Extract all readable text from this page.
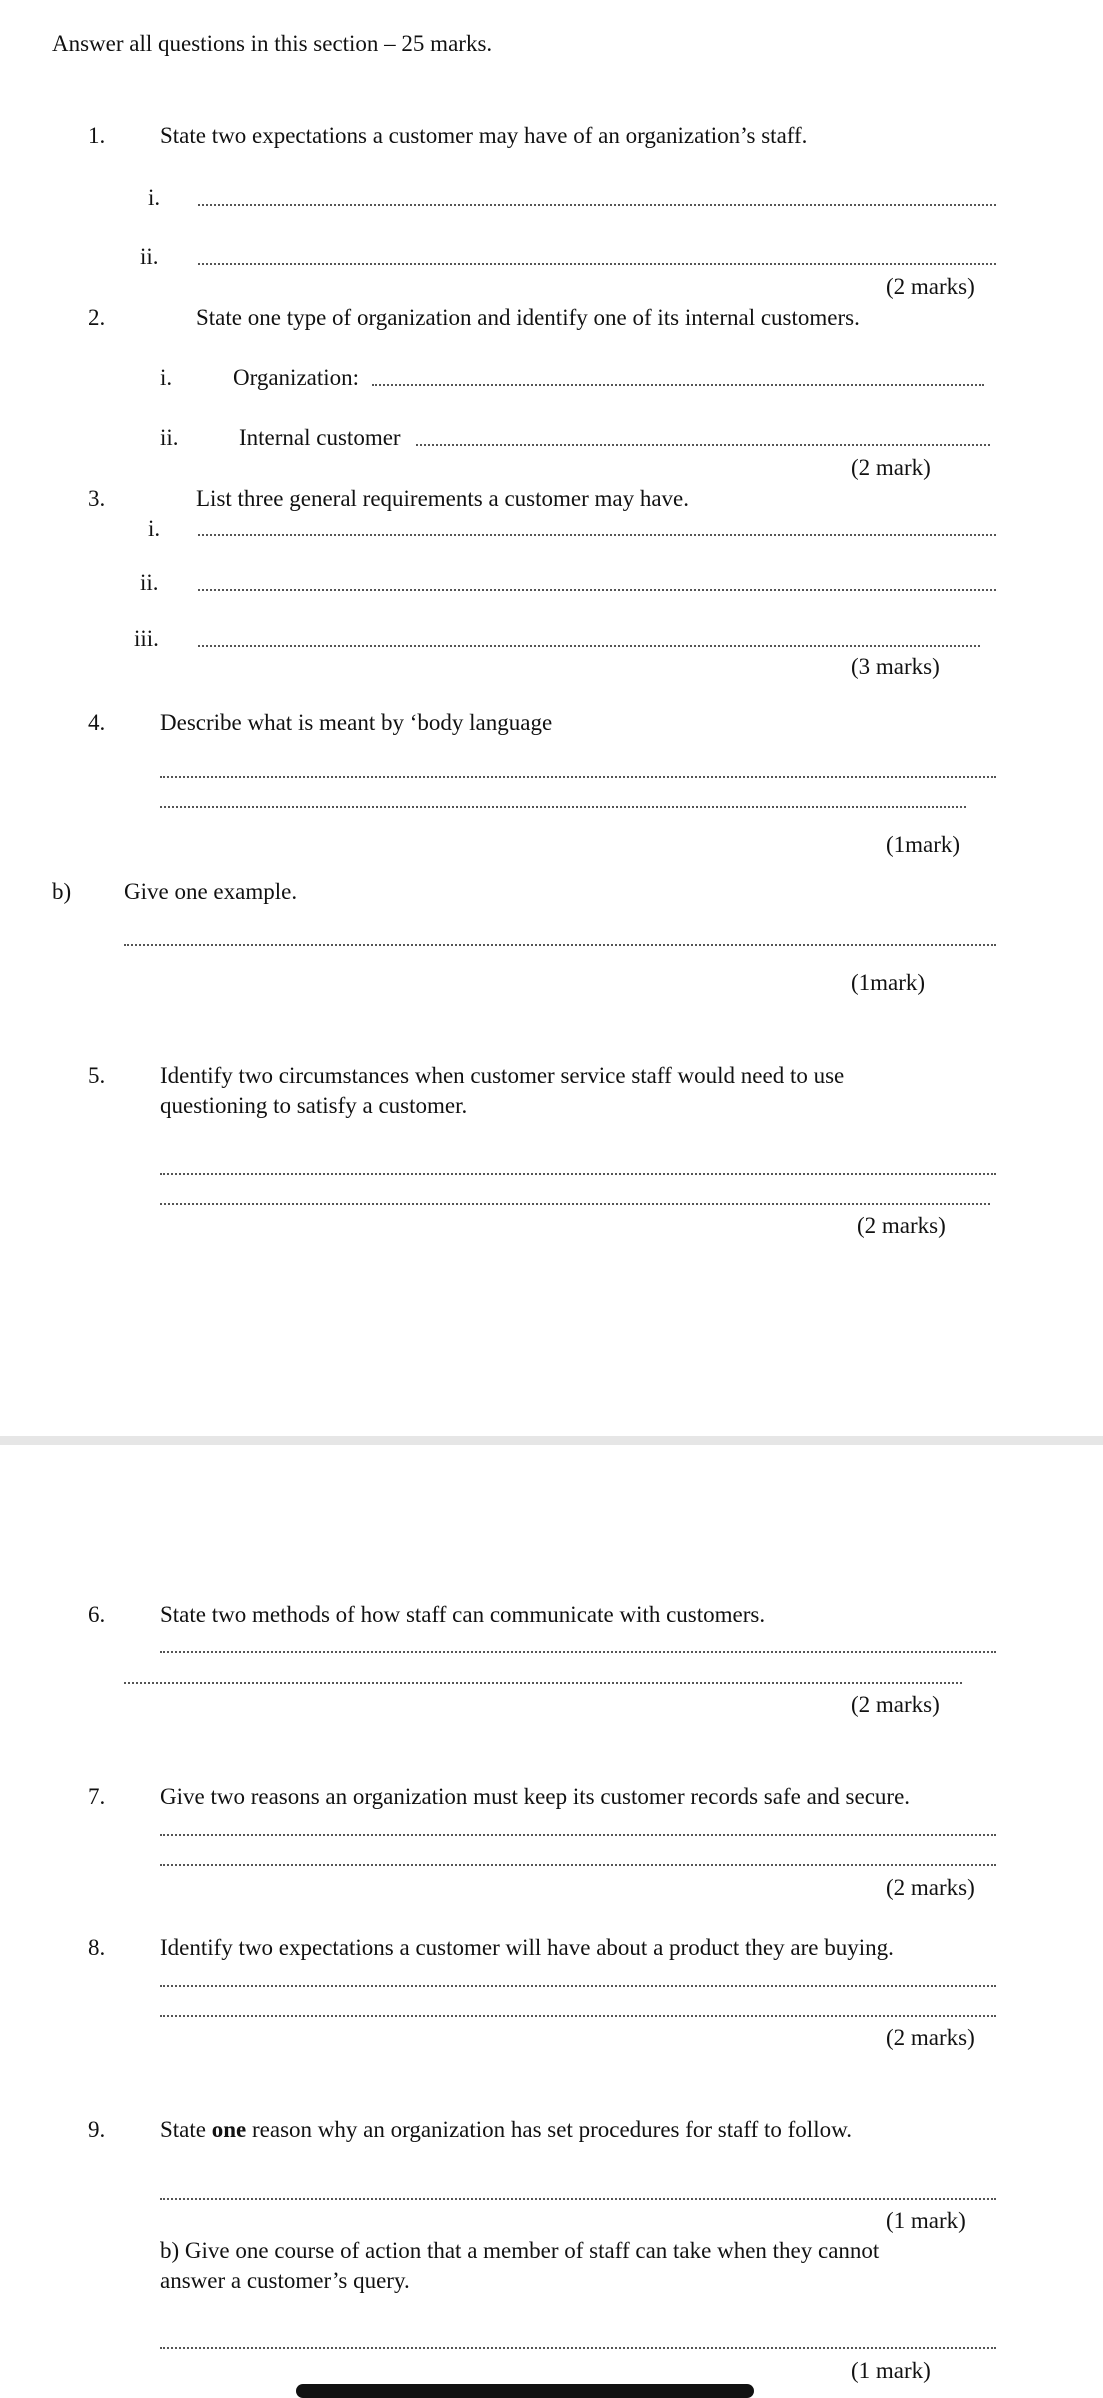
Answer all questions in this section – 25 marks.
1. State two expectations a customer may have of an organization’s staff.
i.
ii.
(2 marks)
2.	State one type of organization and identify one of its internal customers.
i.	Organization:
ii.	Internal customer
(2 mark)
3.	List three general requirements a customer may have.
i.
ii.
iii.
(3 marks)
4. Describe what is meant by ‘body language
(1mark)
b) Give one example.
(1mark)
5. Identify two circumstances when customer service staff would need to use
questioning to satisfy a customer.
(2 marks)
6. State two methods of how staff can communicate with customers.
(2 marks)
7. Give two reasons an organization must keep its customer records safe and secure.
(2 marks)
8. Identify two expectations a customer will have about a product they are buying.
(2 marks)
9. State one reason why an organization has set procedures for staff to follow.
(1 mark)
b) Give one course of action that a member of staff can take when they cannot
answer a customer’s query.
(1 mark)
